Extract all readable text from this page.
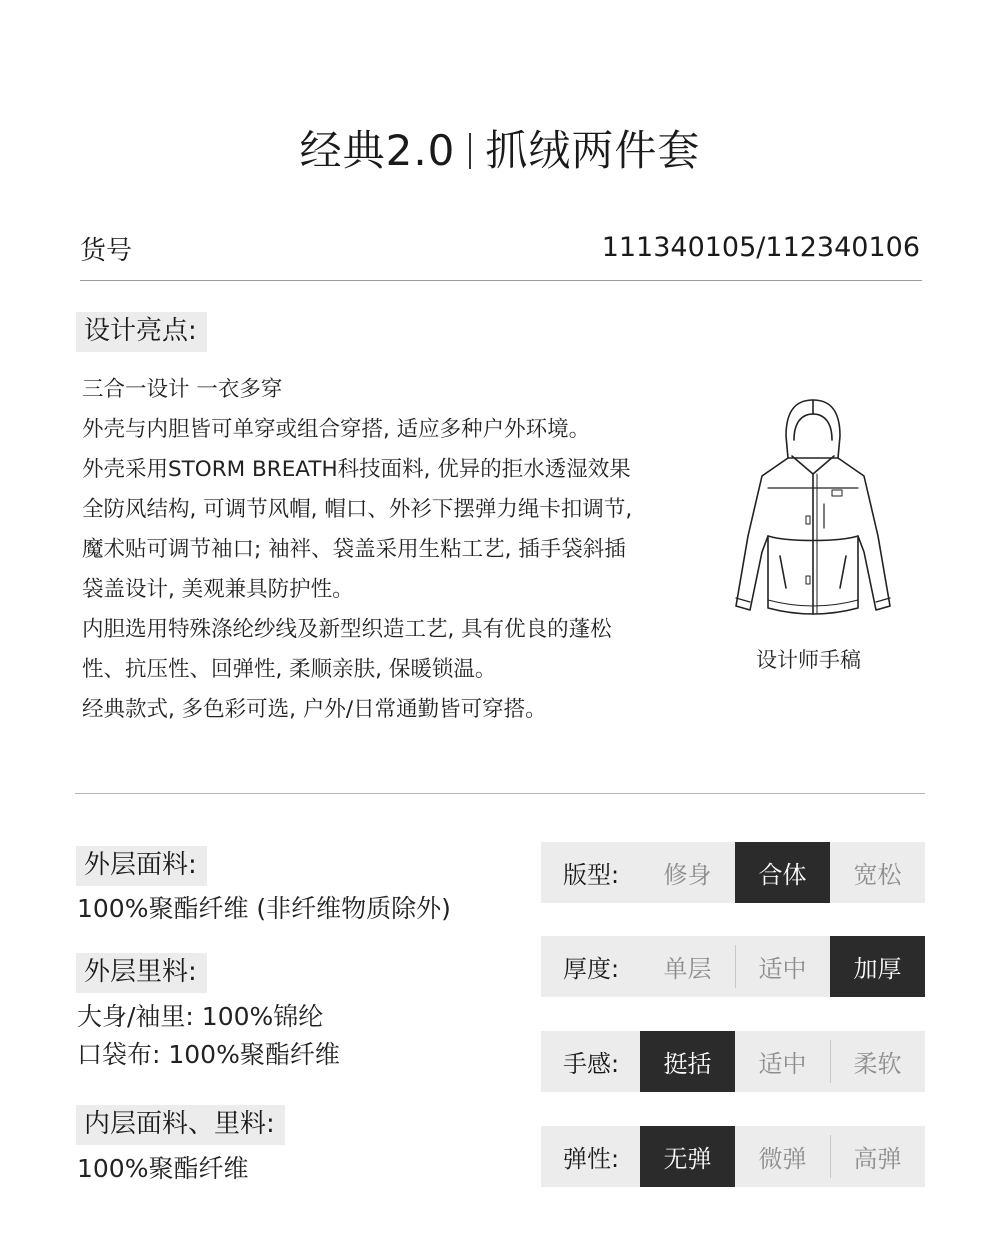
经典2.0 抓绒两件套
货号	111340105/112340106
设计亮点:
三合一设计 一衣多穿
外壳与内胆皆可单穿或组合穿搭, 适应多种户外环境。
外壳采用STORM BREATH科技面料, 优异的拒水透湿效果
全防风结构, 可调节风帽, 帽口、外衫下摆弹力绳卡扣调节,
魔术贴可调节袖口; 袖袢、袋盖采用生粘工艺, 插手袋斜插
袋盖设计, 美观兼具防护性。
内胆选用特殊涤纶纱线及新型织造工艺, 具有优良的蓬松
性、抗压性、回弹性, 柔顺亲肤, 保暖锁温。
经典款式, 多色彩可选, 户外/日常通勤皆可穿搭。
设计师手稿
外层面料:
100%聚酯纤维 (非纤维物质除外)
外层里料:
大身/袖里: 100%锦纶
口袋布: 100%聚酯纤维
内层面料、里料:
100%聚酯纤维
版型:	修身	合体	宽松
厚度:	单层	适中	加厚
手感:	挺括	适中	柔软
弹性:	无弹	微弹	高弹
